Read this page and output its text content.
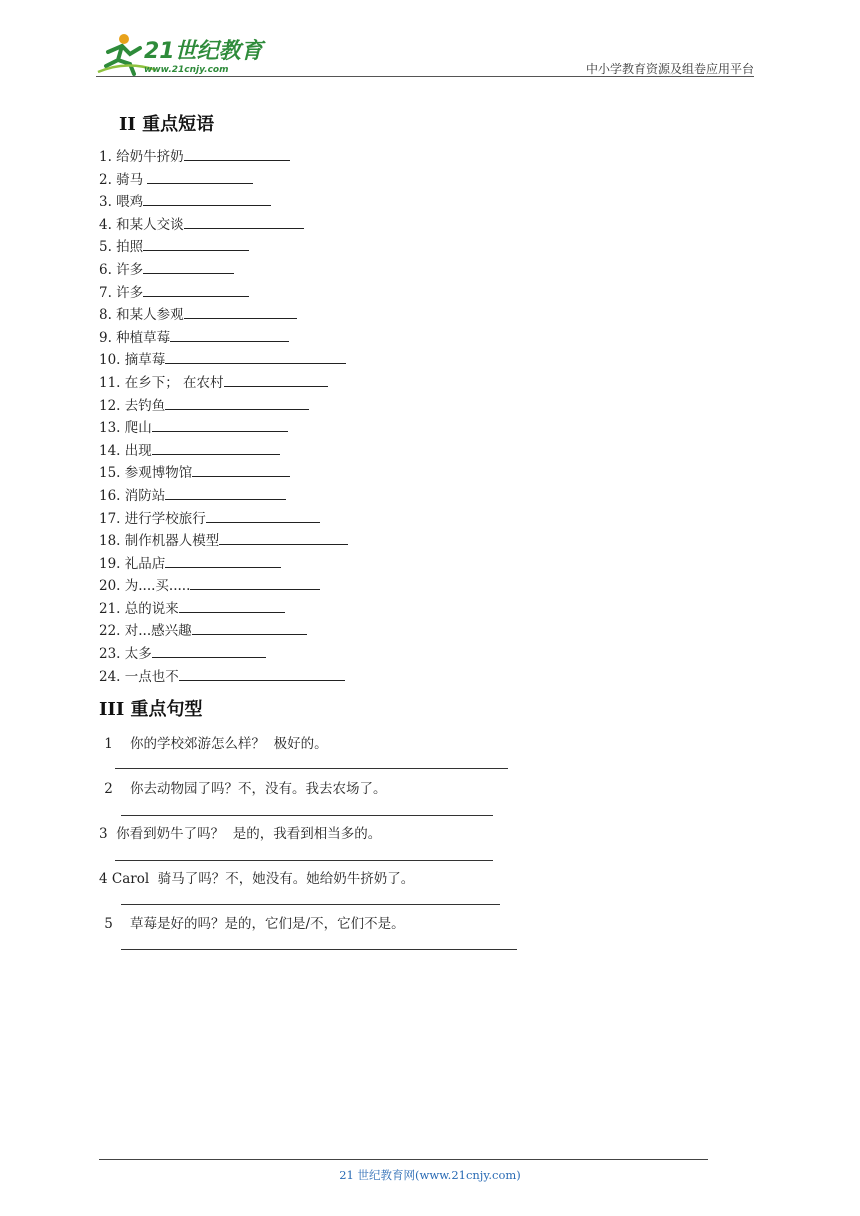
21世纪教育
www.21cnjy.com	中小学教育资源及组卷应用平台
II 重点短语
1. 给奶牛挤奶
2. 骑马
3. 喂鸡
4. 和某人交谈
5. 拍照
6. 许多
7. 许多
8. 和某人参观
9. 种植草莓
10. 摘草莓
11. 在乡下； 在农村
12. 去钓鱼
13. 爬山
14. 出现
15. 参观博物馆
16. 消防站
17. 进行学校旅行
18. 制作机器人模型
19. 礼品店
20. 为....买.....
21. 总的说来
22. 对...感兴趣
23. 太多
24. 一点也不
III 重点句型
1    你的学校郊游怎么样？  极好的。
2    你去动物园了吗？不，没有。我去农场了。
3  你看到奶牛了吗？  是的，我看到相当多的。
4 Carol  骑马了吗？不，她没有。她给奶牛挤奶了。
5    草莓是好的吗？是的，它们是/不，它们不是。
21 世纪教育网(www.21cnjy.com)
